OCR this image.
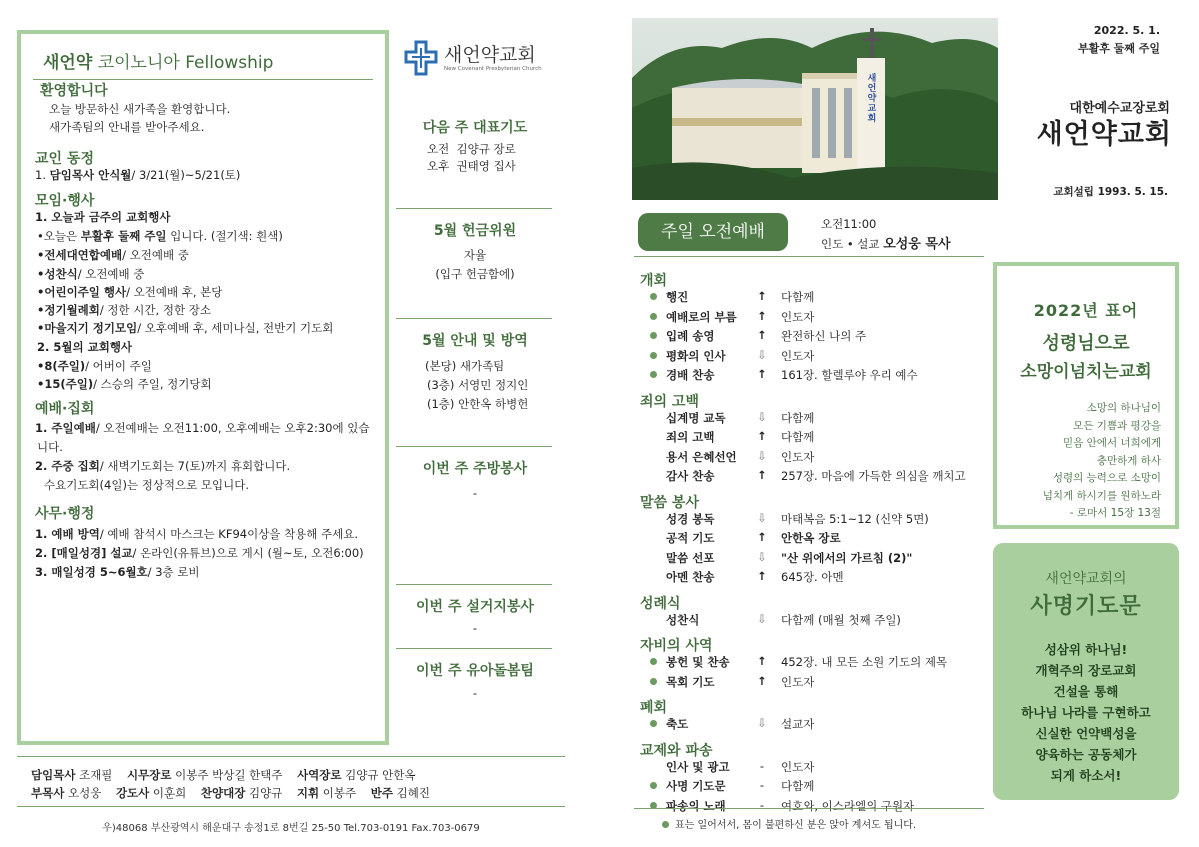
새언약 코이노니아 Fellowship
환영합니다
오늘 방문하신 새가족을 환영합니다.
새가족팀의 안내를 받아주세요.
교인 동정
1. 담임목사 안식월/ 3/21(월)~5/21(토)
모임·행사
1. 오늘과 금주의 교회행사
•오늘은 부활후 둘째 주일 입니다. (절기색: 흰색)
•전세대연합예배/ 오전예배 중
•성찬식/ 오전예배 중
•어린이주일 행사/ 오전예배 후, 본당
•정기월례회/ 정한 시간, 정한 장소
•마을지기 정기모임/ 오후예배 후, 세미나실, 전반기 기도회
2. 5월의 교회행사
•8(주일)/ 어버이 주일
•15(주일)/ 스승의 주일, 정기당회
예배·집회
1. 주일예배/ 오전예배는 오전11:00, 오후예배는 오후2:30에 있습
니다.
2. 주중 집회/ 새벽기도회는 7(토)까지 휴회합니다.
수요기도회(4일)는 정상적으로 모입니다.
사무·행정
1. 예배 방역/ 예배 참석시 마스크는 KF94이상을 착용해 주세요.
2. [매일성경] 설교/ 온라인(유튜브)으로 게시 (월~토, 오전6:00)
3. 매일성경 5~6월호/ 3층 로비
새언약교회
New Covenant Presbyterian Church
다음 주 대표기도
오전 김양규 장로
오후 권태영 집사
5월 헌금위원
자율
(입구 헌금함에)
5월 안내 및 방역
(본당) 새가족팀
(3층) 서영민 정지인
(1층) 안한옥 하병헌
이번 주 주방봉사
-
이번 주 설거지봉사
-
이번 주 유아돌봄팀
-
담임목사 조재필 시무장로 이봉주 박상길 한택주 사역장로 김양규 안한옥
부목사 오성웅 강도사 이훈희 찬양대장 김양규 지휘 이봉주 반주 김혜진
우)48068 부산광역시 해운대구 송정1로 8번길 25-50 Tel.703-0191 Fax.703-0679
새언약교회
2022. 5. 1.
부활후 둘째 주일
대한예수교장로회
새언약교회
교회설립 1993. 5. 15.
주일 오전예배	오전11:00
인도 • 설교 오성웅 목사
개회
행진	↑ 다함께
예배로의 부름 ↑ 인도자
입례 송영	↑ 완전하신 나의 주
평화의 인사	⇩ 인도자
경배 찬송	↑ 161장. 할렐루야 우리 예수
죄의 고백
십계명 교독	⇩ 다함께
죄의 고백	↑ 다함께
용서 은혜선언 ⇩ 인도자
감사 찬송	↑ 257장. 마음에 가득한 의심을 깨치고
말씀 봉사
성경 봉독	⇩ 마태복음 5:1~12 (신약 5면)
공적 기도	↑ 안한옥 장로
말씀 선포	⇩ "산 위에서의 가르침 (2)"
아멘 찬송	↑ 645장. 아멘
성례식
성찬식	⇩ 다함께 (매월 첫째 주일)
자비의 사역
봉헌 및 찬송 ↑ 452장. 내 모든 소원 기도의 제목
목회 기도	↑ 인도자
폐회
축도	⇩ 설교자
교제와 파송
인사 및 광고	-	인도자
사명 기도문	-	다함께
파송의 노래	-	여호와, 이스라엘의 구원자
표는 일어서서, 몸이 불편하신 분은 앉아 계셔도 됩니다.
2022년 표어
성령님으로
소망이넘치는교회
소망의 하나님이
모든 기쁨과 평강을
믿음 안에서 너희에게
충만하게 하사
성령의 능력으로 소망이
넘치게 하시기를 원하노라
- 로마서 15장 13절
새언약교회의
사명기도문
성삼위 하나님!
개혁주의 장로교회
건설을 통해
하나님 나라를 구현하고
신실한 언약백성을
양육하는 공동체가
되게 하소서!
